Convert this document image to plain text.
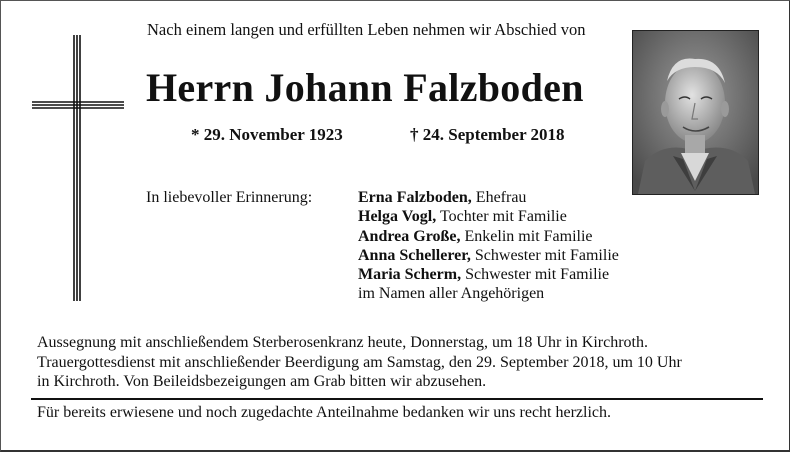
Nach einem langen und erfüllten Leben nehmen wir Abschied von
Herrn Johann Falzboden
* 29. November 1923	† 24. September 2018
In liebevoller Erinnerung:	Erna Falzboden, Ehefrau
Helga Vogl, Tochter mit Familie
Andrea Große, Enkelin mit Familie
Anna Schellerer, Schwester mit Familie
Maria Scherm, Schwester mit Familie
im Namen aller Angehörigen
Aussegnung mit anschließendem Sterberosenkranz heute, Donnerstag, um 18 Uhr in Kirchroth.
Trauergottesdienst mit anschließender Beerdigung am Samstag, den 29. September 2018, um 10 Uhr
in Kirchroth. Von Beileidsbezeigungen am Grab bitten wir abzusehen.
Für bereits erwiesene und noch zugedachte Anteilnahme bedanken wir uns recht herzlich.
